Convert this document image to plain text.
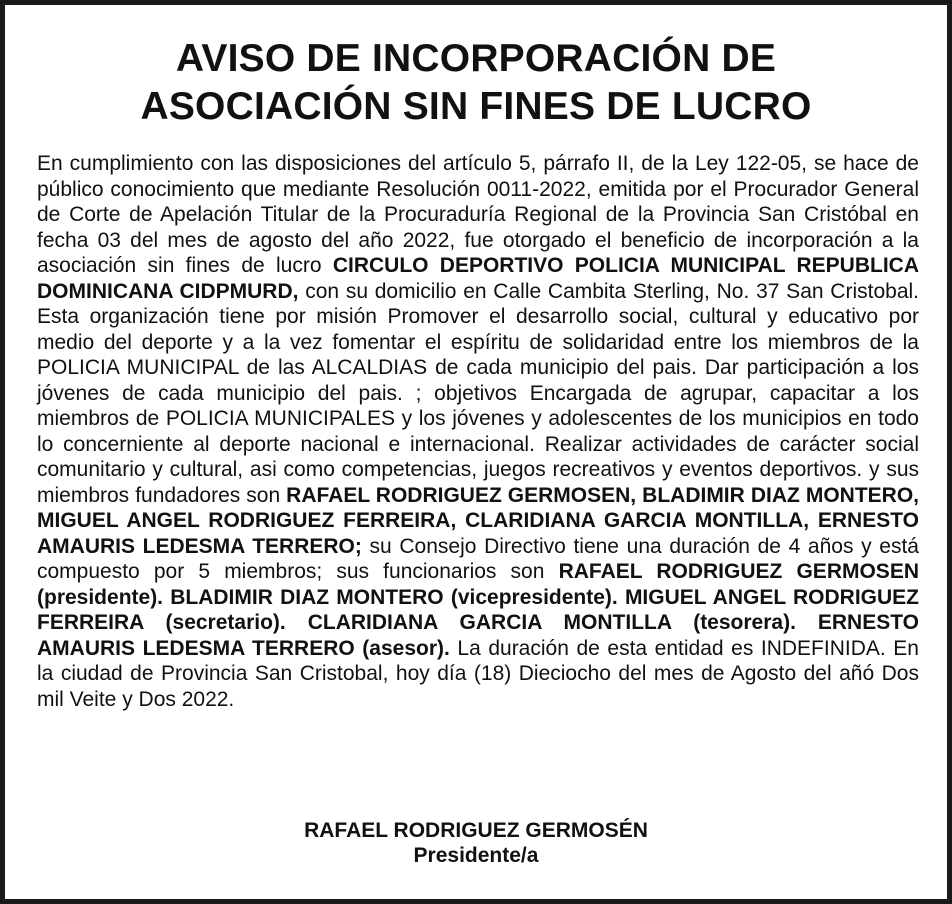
AVISO DE INCORPORACIÓN DE
ASOCIACIÓN SIN FINES DE LUCRO

En cumplimiento con las disposiciones del artículo 5, párrafo II, de la Ley 122-05, se hace de público conocimiento que mediante Resolución 0011-2022, emitida por el Procurador General de Corte de Apelación Titular de la Procuraduría Regional de la Provincia San Cristóbal en fecha 03 del mes de agosto del año 2022, fue otorgado el beneficio de incorporación a la asociación sin fines de lucro CIRCULO DEPORTIVO POLICIA MUNICIPAL REPUBLICA DOMINICANA CIDPMURD, con su domicilio en Calle Cambita Sterling, No. 37 San Cristobal. Esta organización tiene por misión Promover el desarrollo social, cultural y educativo por medio del deporte y a la vez fomentar el espíritu de solidaridad entre los miembros de la POLICIA MUNICIPAL de las ALCALDIAS de cada municipio del pais. Dar participación a los jóvenes de cada municipio del pais. ; objetivos Encargada de agrupar, capacitar a los miembros de POLICIA MUNICIPALES y los jóvenes y adolescentes de los municipios en todo lo concerniente al deporte nacional e internacional. Realizar actividades de carácter social comunitario y cultural, asi como competencias, juegos recreativos y eventos deportivos. y sus miembros fundadores son RAFAEL RODRIGUEZ GERMOSEN, BLADIMIR DIAZ MONTERO, MIGUEL ANGEL RODRIGUEZ FERREIRA, CLARIDIANA GARCIA MONTILLA, ERNESTO AMAURIS LEDESMA TERRERO; su Consejo Directivo tiene una duración de 4 años y está compuesto por 5 miembros; sus funcionarios son RAFAEL RODRIGUEZ GERMOSEN (presidente). BLADIMIR DIAZ MONTERO (vicepresidente). MIGUEL ANGEL RODRIGUEZ FERREIRA (secretario). CLARIDIANA GARCIA MONTILLA (tesorera). ERNESTO AMAURIS LEDESMA TERRERO (asesor). La duración de esta entidad es INDEFINIDA. En la ciudad de Provincia San Cristobal, hoy día (18) Dieciocho del mes de Agosto del añó Dos mil Veite y Dos 2022.

RAFAEL RODRIGUEZ GERMOSÉN
Presidente/a
